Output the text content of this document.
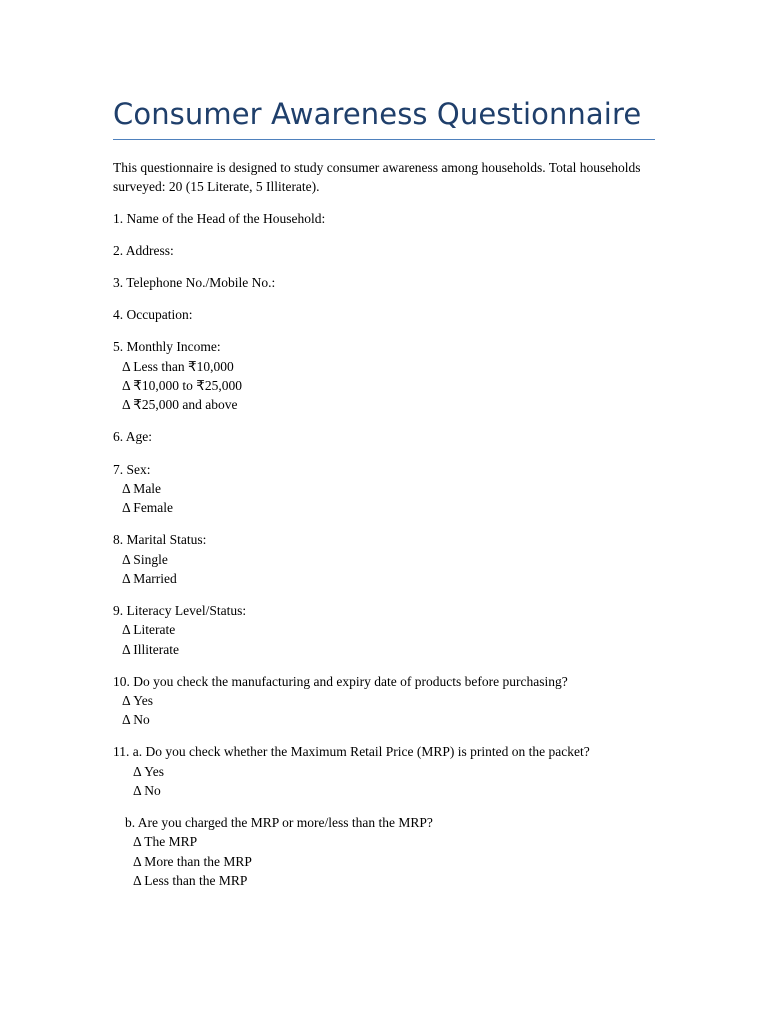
Consumer Awareness Questionnaire

This questionnaire is designed to study consumer awareness among households. Total households surveyed: 20 (15 Literate, 5 Illiterate).

1. Name of the Head of the Household:
2. Address:
3. Telephone No./Mobile No.:
4. Occupation:
5. Monthly Income:
Δ Less than ₹10,000
Δ ₹10,000 to ₹25,000
Δ ₹25,000 and above
6. Age:
7. Sex:
Δ Male
Δ Female
8. Marital Status:
Δ Single
Δ Married
9. Literacy Level/Status:
Δ Literate
Δ Illiterate
10. Do you check the manufacturing and expiry date of products before purchasing?
Δ Yes
Δ No
11. a. Do you check whether the Maximum Retail Price (MRP) is printed on the packet?
Δ Yes
Δ No
b. Are you charged the MRP or more/less than the MRP?
Δ The MRP
Δ More than the MRP
Δ Less than the MRP
